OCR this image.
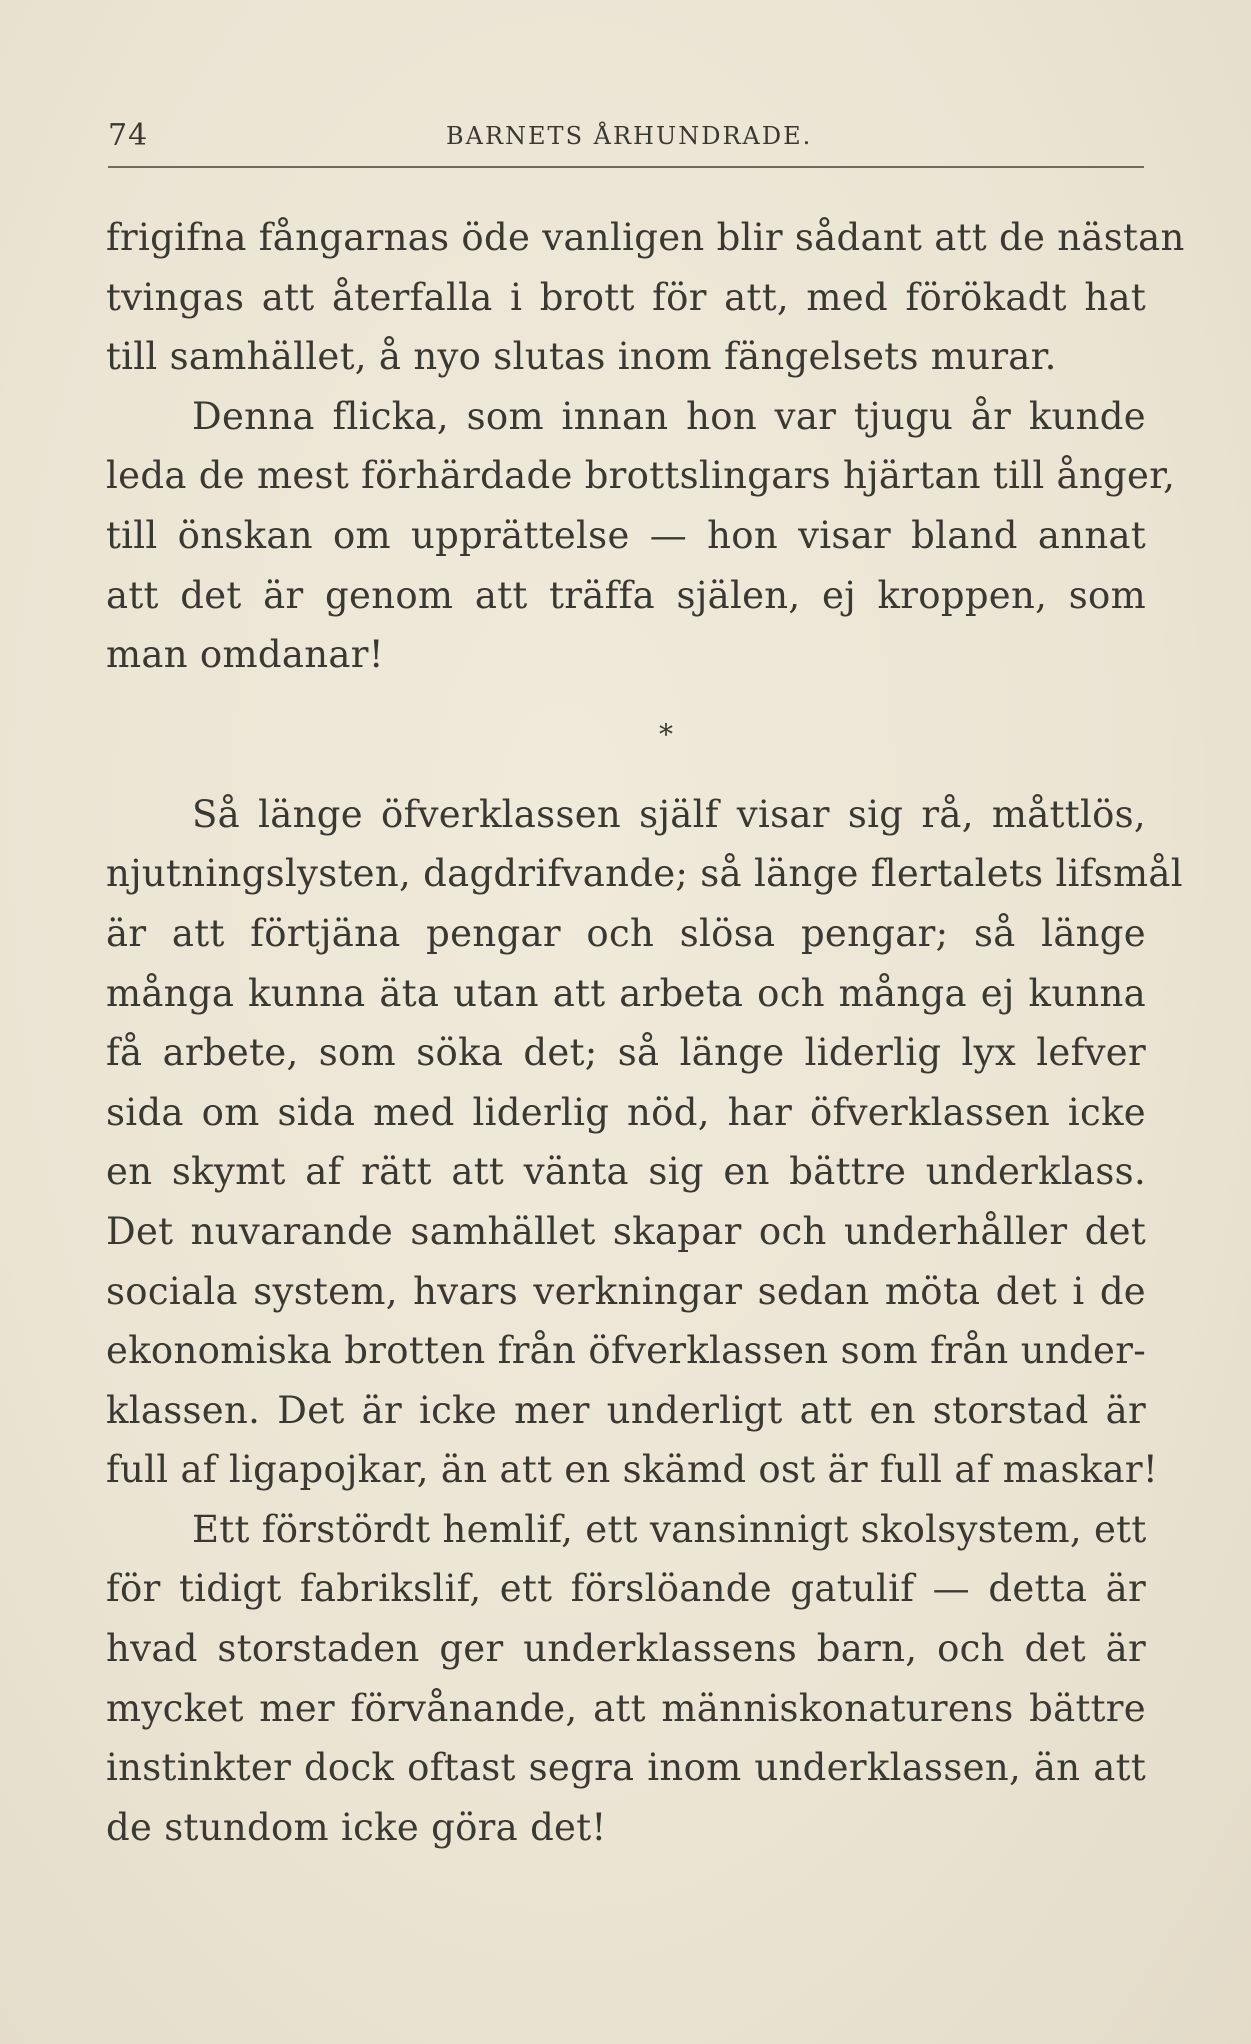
74	BARNETS ÅRHUNDRADE.
frigifna fångarnas öde vanligen blir sådant att de nästan
tvingas att återfalla i brott för att, med förökadt hat
till samhället, å nyo slutas inom fängelsets murar.
Denna flicka, som innan hon var tjugu år kunde
leda de mest förhärdade brottslingars hjärtan till ånger,
till önskan om upprättelse — hon visar bland annat
att det är genom att träffa själen, ej kroppen, som
man omdanar!
*
Så länge öfverklassen själf visar sig rå, måttlös,
njutningslysten, dagdrifvande; så länge flertalets lifsmål
är att förtjäna pengar och slösa pengar; så länge
många kunna äta utan att arbeta och många ej kunna
få arbete, som söka det; så länge liderlig lyx lefver
sida om sida med liderlig nöd, har öfverklassen icke
en skymt af rätt att vänta sig en bättre underklass.
Det nuvarande samhället skapar och underhåller det
sociala system, hvars verkningar sedan möta det i de
ekonomiska brotten från öfverklassen som från under-
klassen. Det är icke mer underligt att en storstad är
full af ligapojkar, än att en skämd ost är full af maskar!
Ett förstördt hemlif, ett vansinnigt skolsystem, ett
för tidigt fabrikslif, ett förslöande gatulif — detta är
hvad storstaden ger underklassens barn, och det är
mycket mer förvånande, att människonaturens bättre
instinkter dock oftast segra inom underklassen, än att
de stundom icke göra det!
